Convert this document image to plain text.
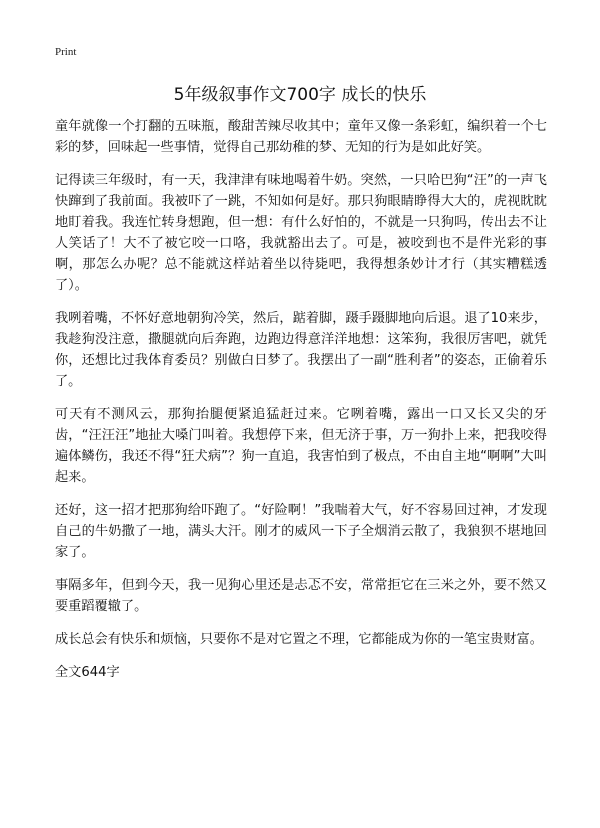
Print
5年级叙事作文700字 成长的快乐

童年就像一个打翻的五味瓶，酸甜苦辣尽收其中；童年又像一条彩虹，编织着一个七彩的梦，回味起一些事情，觉得自己那幼稚的梦、无知的行为是如此好笑。

记得读三年级时，有一天，我津津有味地喝着牛奶。突然，一只哈巴狗“汪”的一声飞快蹿到了我前面。我被吓了一跳，不知如何是好。那只狗眼睛睁得大大的，虎视眈眈地盯着我。我连忙转身想跑，但一想：有什么好怕的，不就是一只狗吗，传出去不让人笑话了！大不了被它咬一口咯，我就豁出去了。可是，被咬到也不是件光彩的事啊，那怎么办呢？总不能就这样站着坐以待毙吧，我得想条妙计才行（其实糟糕透了）。

我咧着嘴，不怀好意地朝狗冷笑，然后，踮着脚，蹑手蹑脚地向后退。退了10来步，我趁狗没注意，撒腿就向后奔跑，边跑边得意洋洋地想：这笨狗，我很厉害吧，就凭你，还想比过我体育委员？别做白日梦了。我摆出了一副“胜利者”的姿态，正偷着乐了。

可天有不测风云，那狗抬腿便紧追猛赶过来。它咧着嘴，露出一口又长又尖的牙齿，“汪汪汪”地扯大嗓门叫着。我想停下来，但无济于事，万一狗扑上来，把我咬得遍体鳞伤，我还不得“狂犬病”？狗一直追，我害怕到了极点，不由自主地“啊啊”大叫起来。

还好，这一招才把那狗给吓跑了。“好险啊！”我喘着大气，好不容易回过神，才发现自己的牛奶撒了一地，满头大汗。刚才的威风一下子全烟消云散了，我狼狈不堪地回家了。

事隔多年，但到今天，我一见狗心里还是忐忑不安，常常拒它在三米之外，要不然又要重蹈覆辙了。

成长总会有快乐和烦恼，只要你不是对它置之不理，它都能成为你的一笔宝贵财富。

全文644字
